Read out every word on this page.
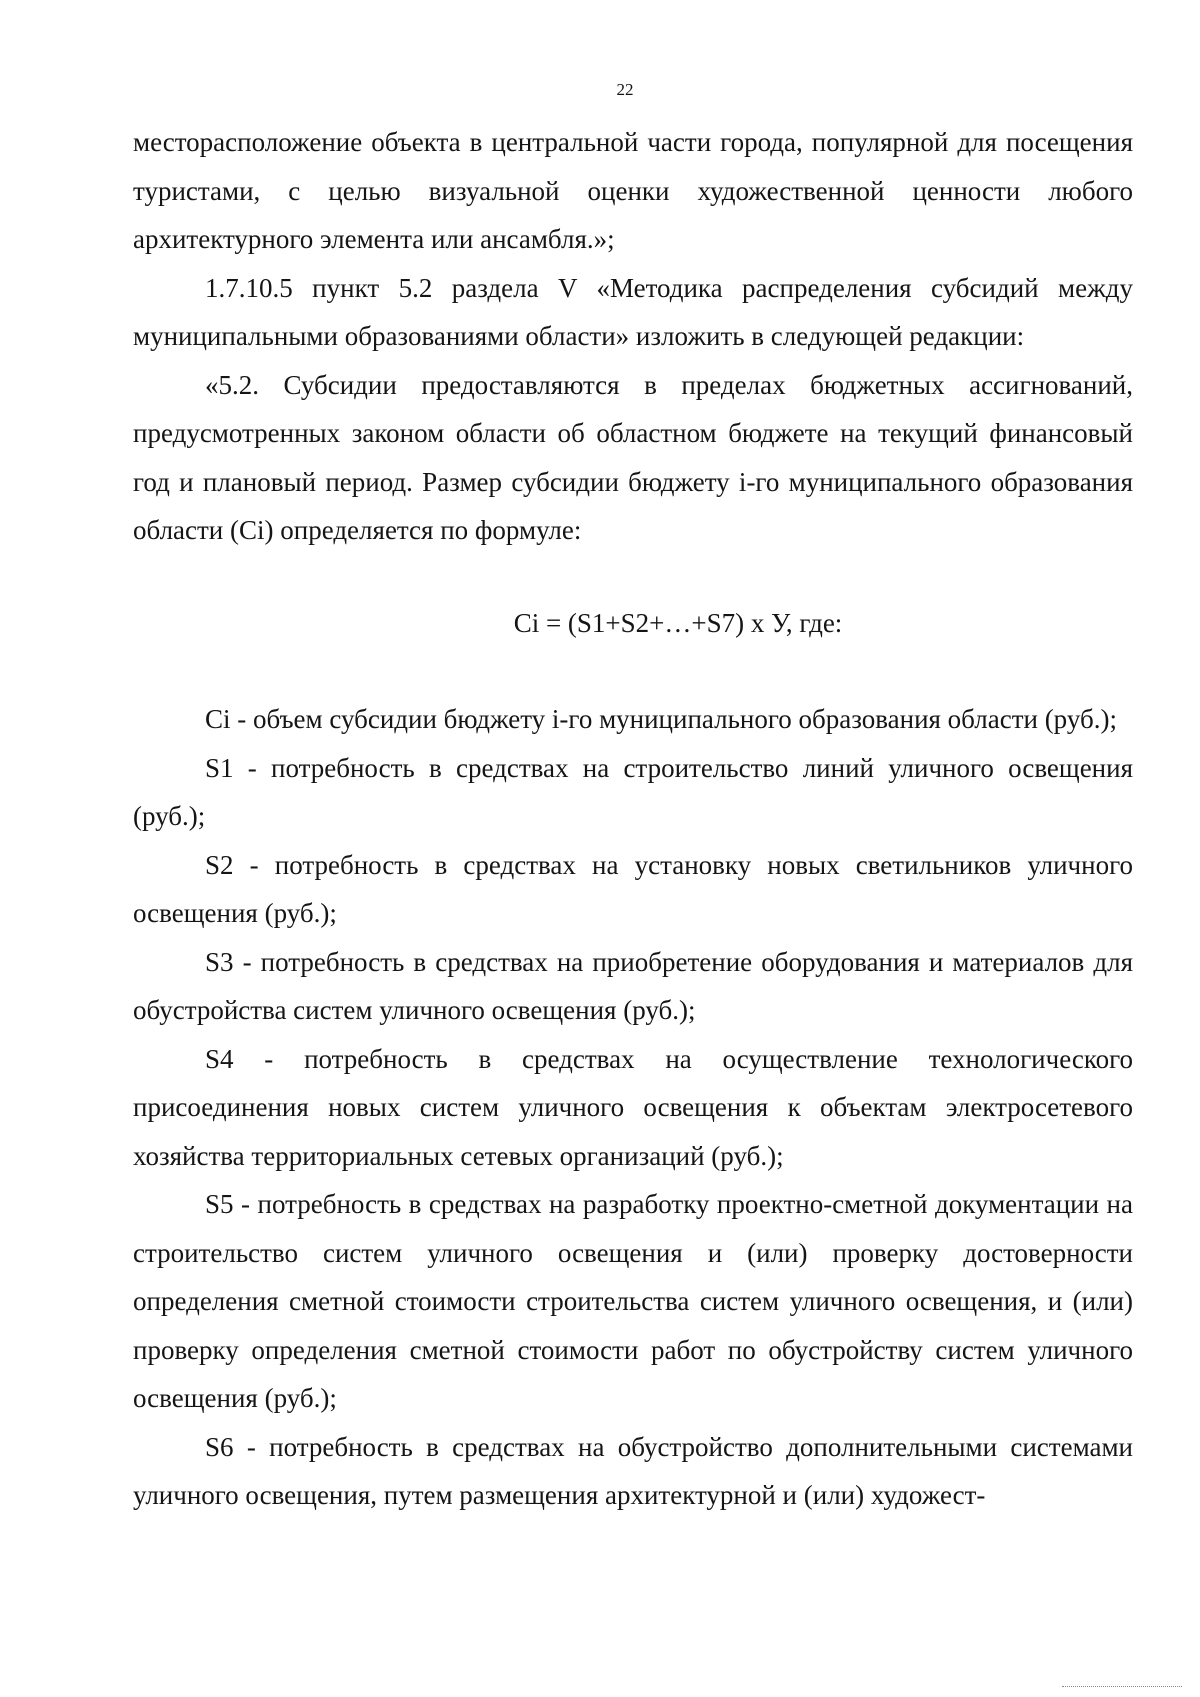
22

месторасположение объекта в центральной части города, популярной для посещения туристами, с целью визуальной оценки художественной ценности любого архитектурного элемента или ансамбля.»;

1.7.10.5 пункт 5.2 раздела V «Методика распределения субсидий между муниципальными образованиями области» изложить в следующей редакции:

«5.2. Субсидии предоставляются в пределах бюджетных ассигнований, предусмотренных законом области об областном бюджете на текущий финансовый год и плановый период. Размер субсидии бюджету i-го муниципального образования области (Ci) определяется по формуле:

Ci = (S1+S2+…+S7) х У, где:

Ci - объем субсидии бюджету i-го муниципального образования области (руб.);

S1 - потребность в средствах на строительство линий уличного освещения (руб.);

S2 - потребность в средствах на установку новых светильников уличного освещения (руб.);

S3 - потребность в средствах на приобретение оборудования и материалов для обустройства систем уличного освещения (руб.);

S4 - потребность в средствах на осуществление технологического присоединения новых систем уличного освещения к объектам электросетевого хозяйства территориальных сетевых организаций (руб.);

S5 - потребность в средствах на разработку проектно-сметной документации на строительство систем уличного освещения и (или) проверку достоверности определения сметной стоимости строительства систем уличного освещения, и (или) проверку определения сметной стоимости работ по обустройству систем уличного освещения (руб.);

S6 - потребность в средствах на обустройство дополнительными системами уличного освещения, путем размещения архитектурной и (или) художест-
